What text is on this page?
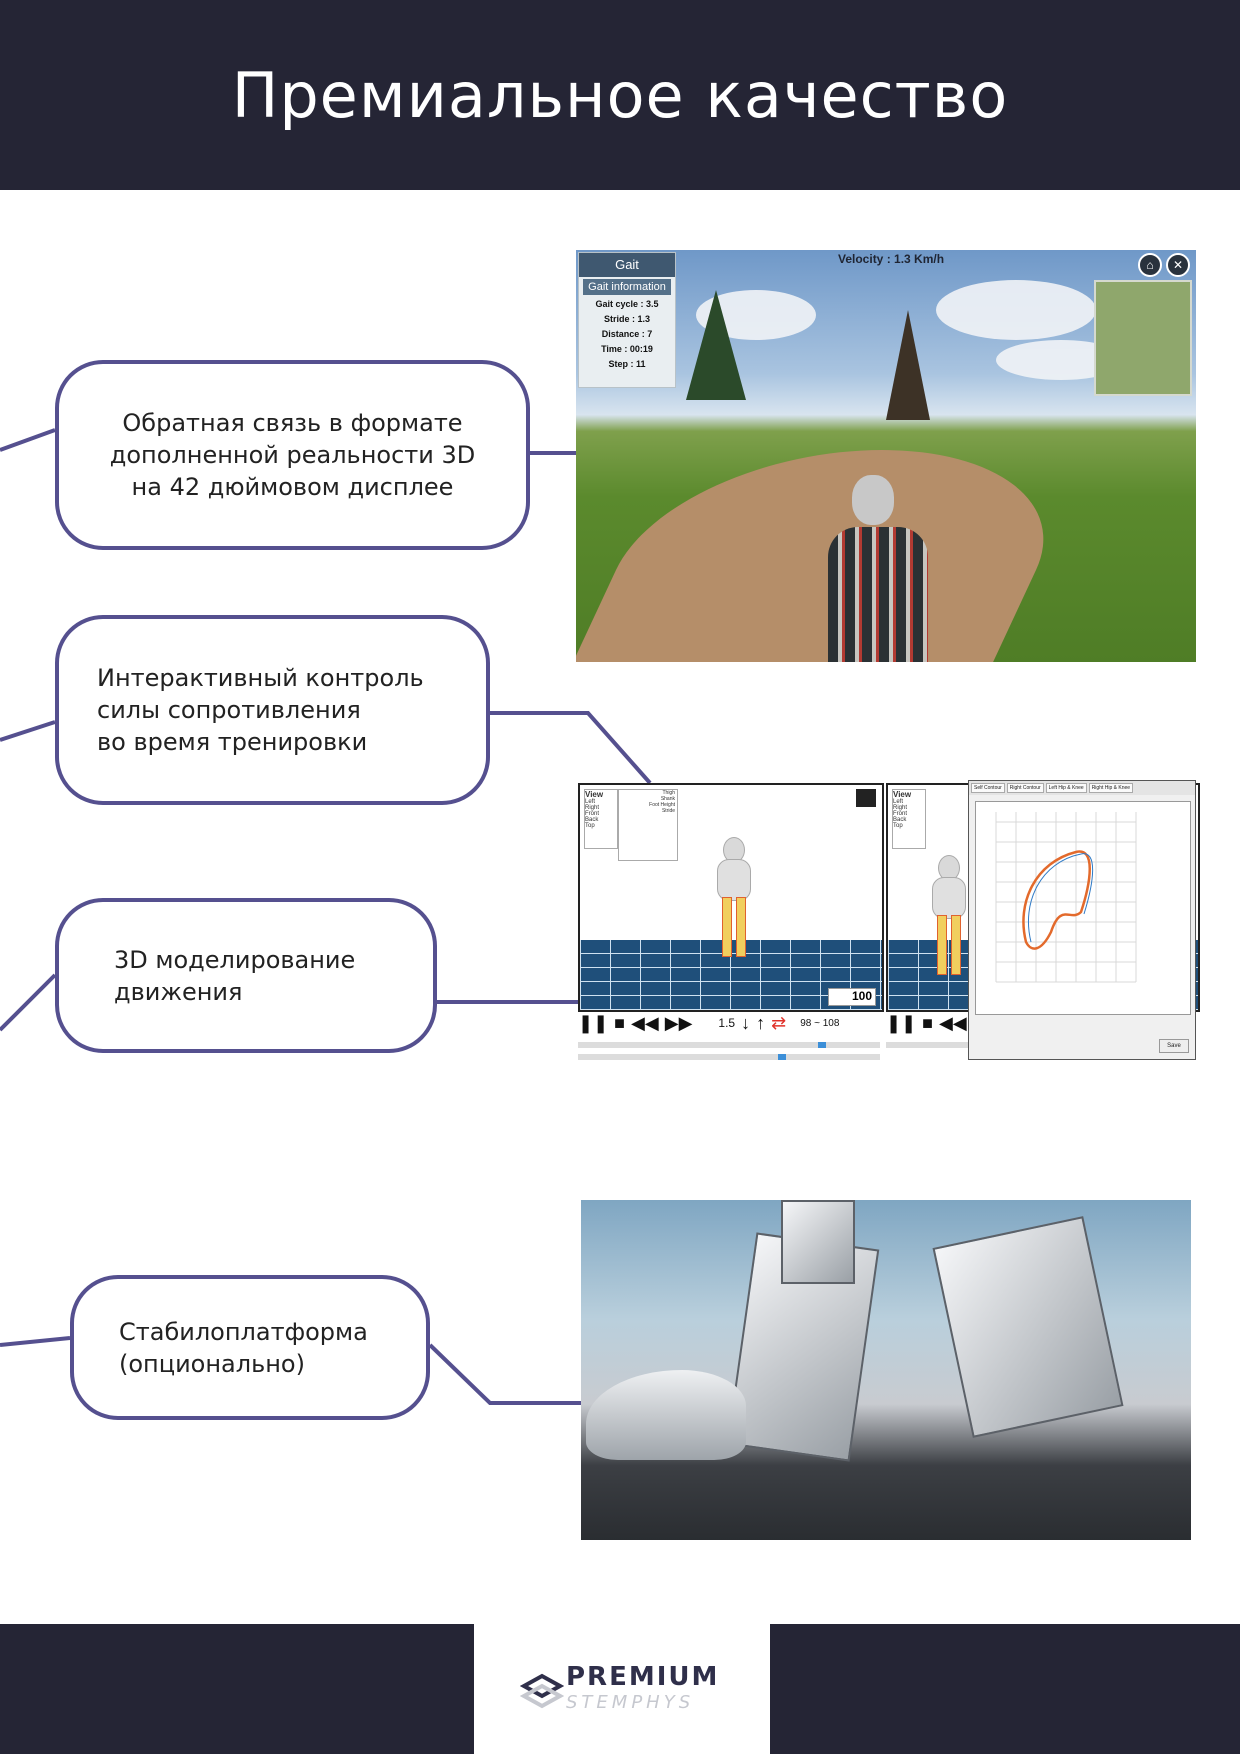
Премиальное качество
Обратная связь в формате
дополненной реальности 3D
на 42 дюймовом дисплее
Интерактивный контроль
силы сопротивления
во время тренировки
3D моделирование
движения
Стабилоплатформа
(опционально)
Gait
Gait information
Gait cycle : 3.5
Stride : 1.3
Distance : 7
Time : 00:19
Step : 11
Velocity : 1.3 Km/h	⌂	✕
View
Left
Right
Front
Back
Top
Thigh
Shank
Foot Height
Stride
100
❚❚ ■ ◀◀ ▶▶ 1.5 ↓ ↑ ⇄ 98 ~ 108
View
Left
Right
Front
Back
Top
❚❚ ■ ◀◀
Self Contour	Right Contour	Left Hip & Knee	Right Hip & Knee
Save
PREMIUM
STEMPHYS
